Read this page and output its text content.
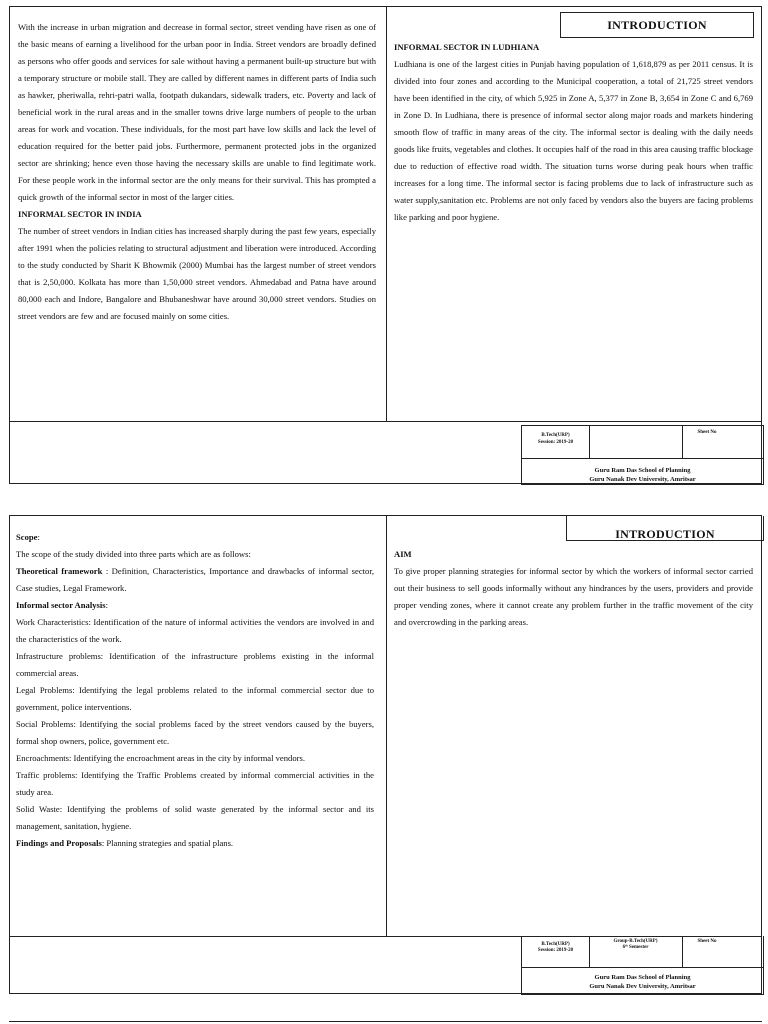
INTRODUCTION

With the increase in urban migration and decrease in formal sector, street vending have risen as one of the basic means of earning a livelihood for the urban poor in India. Street vendors are broadly defined as persons who offer goods and services for sale without having a permanent built-up structure but with a temporary structure or mobile stall. They are called by different names in different parts of India such as hawker, pheriwalla, rehri-patri walla, footpath dukandars, sidewalk traders, etc. Poverty and lack of beneficial work in the rural areas and in the smaller towns drive large numbers of people to the urban areas for work and vocation. These individuals, for the most part have low skills and lack the level of education required for the better paid jobs. Furthermore, permanent protected jobs in the organized sector are shrinking; hence even those having the necessary skills are unable to find legitimate work. For these people work in the informal sector are the only means for their survival. This has prompted a quick growth of the informal sector in most of the larger cities.

INFORMAL SECTOR IN INDIA

The number of street vendors in Indian cities has increased sharply during the past few years, especially after 1991 when the policies relating to structural adjustment and liberation were introduced. According to the study conducted by Sharit K Bhowmik (2000) Mumbai has the largest number of street vendors that is 2,50,000. Kolkata has more than 1,50,000 street vendors. Ahmedabad and Patna have around 80,000 each and Indore, Bangalore and Bhubaneshwar have around 30,000 street vendors. Studies on street vendors are few and are focused mainly on some cities.

INFORMAL SECTOR IN LUDHIANA

Ludhiana is one of the largest cities in Punjab having population of 1,618,879 as per 2011 census. It is divided into four zones and according to the Municipal cooperation, a total of 21,725 street vendors have been identified in the city, of which 5,925 in Zone A, 5,377 in Zone B, 3,654 in Zone C and 6,769 in Zone D. In Ludhiana, there is presence of informal sector along major roads and markets hindering smooth flow of traffic in many areas of the city. The informal sector is dealing with the daily needs goods like fruits, vegetables and clothes. It occupies half of the road in this area causing traffic blockage due to reduction of effective road width. The situation turns worse during peak hours when traffic increases for a long time. The informal sector is facing problems due to lack of infrastructure such as water supply,sanitation etc. Problems are not only faced by vendors also the buyers are facing problems like parking and poor hygiene.

B.Tech(URP)
Session: 2019-20
Sheet No
Guru Ram Das School of Planning
Guru Nanak Dev University, Amritsar
INTRODUCTION

Scope:

The scope of the study divided into three parts which are as follows:

Theoretical framework : Definition, Characteristics, Importance and drawbacks of informal sector, Case studies, Legal Framework.

Informal sector Analysis:

Work Characteristics: Identification of the nature of informal activities the vendors are involved in and the characteristics of the work.

Infrastructure problems: Identification of the infrastructure problems existing in the informal commercial areas.

Legal Problems: Identifying the legal problems related to the informal commercial sector due to government, police interventions.

Social Problems: Identifying the social problems faced by the street vendors caused by the buyers, formal shop owners, police, government etc.

Encroachments: Identifying the encroachment areas in the city by informal vendors.

Traffic problems: Identifying the Traffic Problems created by informal commercial activities in the study area.

Solid Waste: Identifying the problems of solid waste generated by the informal sector and its management, sanitation, hygiene.

Findings and Proposals: Planning strategies and spatial plans.

AIM

To give proper planning strategies for informal sector by which the workers of informal sector carried out their business to sell goods informally without any hindrances by the users, providers and provide proper vending zones, where it cannot create any problem further in the traffic movement of the city and overcrowding in the parking areas.

B.Tech(URP)
Session: 2019-20
Group-B.Tech(URP)
6ᵗʰ Semester
Sheet No
Guru Ram Das School of Planning
Guru Nanak Dev University, Amritsar
